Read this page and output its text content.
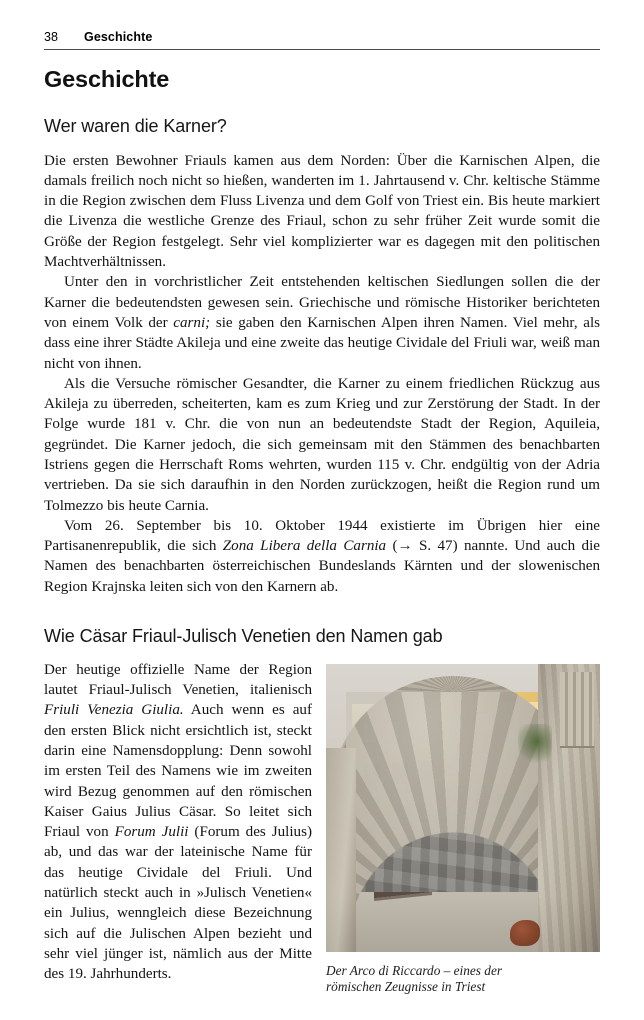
38	Geschichte
Geschichte
Wer waren die Karner?

Die ersten Bewohner Friauls kamen aus dem Norden: Über die Karnischen Alpen, die damals freilich noch nicht so hießen, wanderten im 1. Jahrtausend v. Chr. keltische Stämme in die Region zwischen dem Fluss Livenza und dem Golf von Triest ein. Bis heute markiert die Livenza die westliche Grenze des Friaul, schon zu sehr früher Zeit wurde somit die Größe der Region festgelegt. Sehr viel komplizierter war es dagegen mit den politischen Machtverhältnissen.

Unter den in vorchristlicher Zeit entstehenden keltischen Siedlungen sollen die der Karner die bedeutendsten gewesen sein. Griechische und römische Historiker berichteten von einem Volk der carni; sie gaben den Karnischen Alpen ihren Namen. Viel mehr, als dass eine ihrer Städte Akileja und eine zweite das heutige Cividale del Friuli war, weiß man nicht von ihnen.

Als die Versuche römischer Gesandter, die Karner zu einem friedlichen Rückzug aus Akileja zu überreden, scheiterten, kam es zum Krieg und zur Zerstörung der Stadt. In der Folge wurde 181 v. Chr. die von nun an bedeutendste Stadt der Region, Aquileia, gegründet. Die Karner jedoch, die sich gemeinsam mit den Stämmen des benachbarten Istriens gegen die Herrschaft Roms wehrten, wurden 115 v. Chr. endgültig von der Adria vertrieben. Da sie sich daraufhin in den Norden zurückzogen, heißt die Region rund um Tolmezzo bis heute Carnia.

Vom 26. September bis 10. Oktober 1944 existierte im Übrigen hier eine Partisanenrepublik, die sich Zona Libera della Carnia (→ S. 47) nannte. Und auch die Namen des benachbarten österreichischen Bundeslands Kärnten und der slowenischen Region Krajnska leiten sich von den Karnern ab.

Wie Cäsar Friaul-Julisch Venetien den Namen gab
Der Arco di Riccardo – eines der
römischen Zeugnisse in Triest

Der heutige offizielle Name der Region lautet Friaul-Julisch Venetien, italienisch Friuli Venezia Giulia. Auch wenn es auf den ersten Blick nicht ersichtlich ist, steckt darin eine Namensdopplung: Denn sowohl im ersten Teil des Namens wie im zweiten wird Bezug genommen auf den römischen Kaiser Gaius Julius Cäsar. So leitet sich Friaul von Forum Julii (Forum des Julius) ab, und das war der lateinische Name für das heutige Cividale del Friuli. Und natürlich steckt auch in »Julisch Venetien« ein Julius, wenngleich diese Bezeichnung sich auf die Julischen Alpen bezieht und sehr viel jünger ist, nämlich aus der Mitte des 19. Jahrhunderts.
